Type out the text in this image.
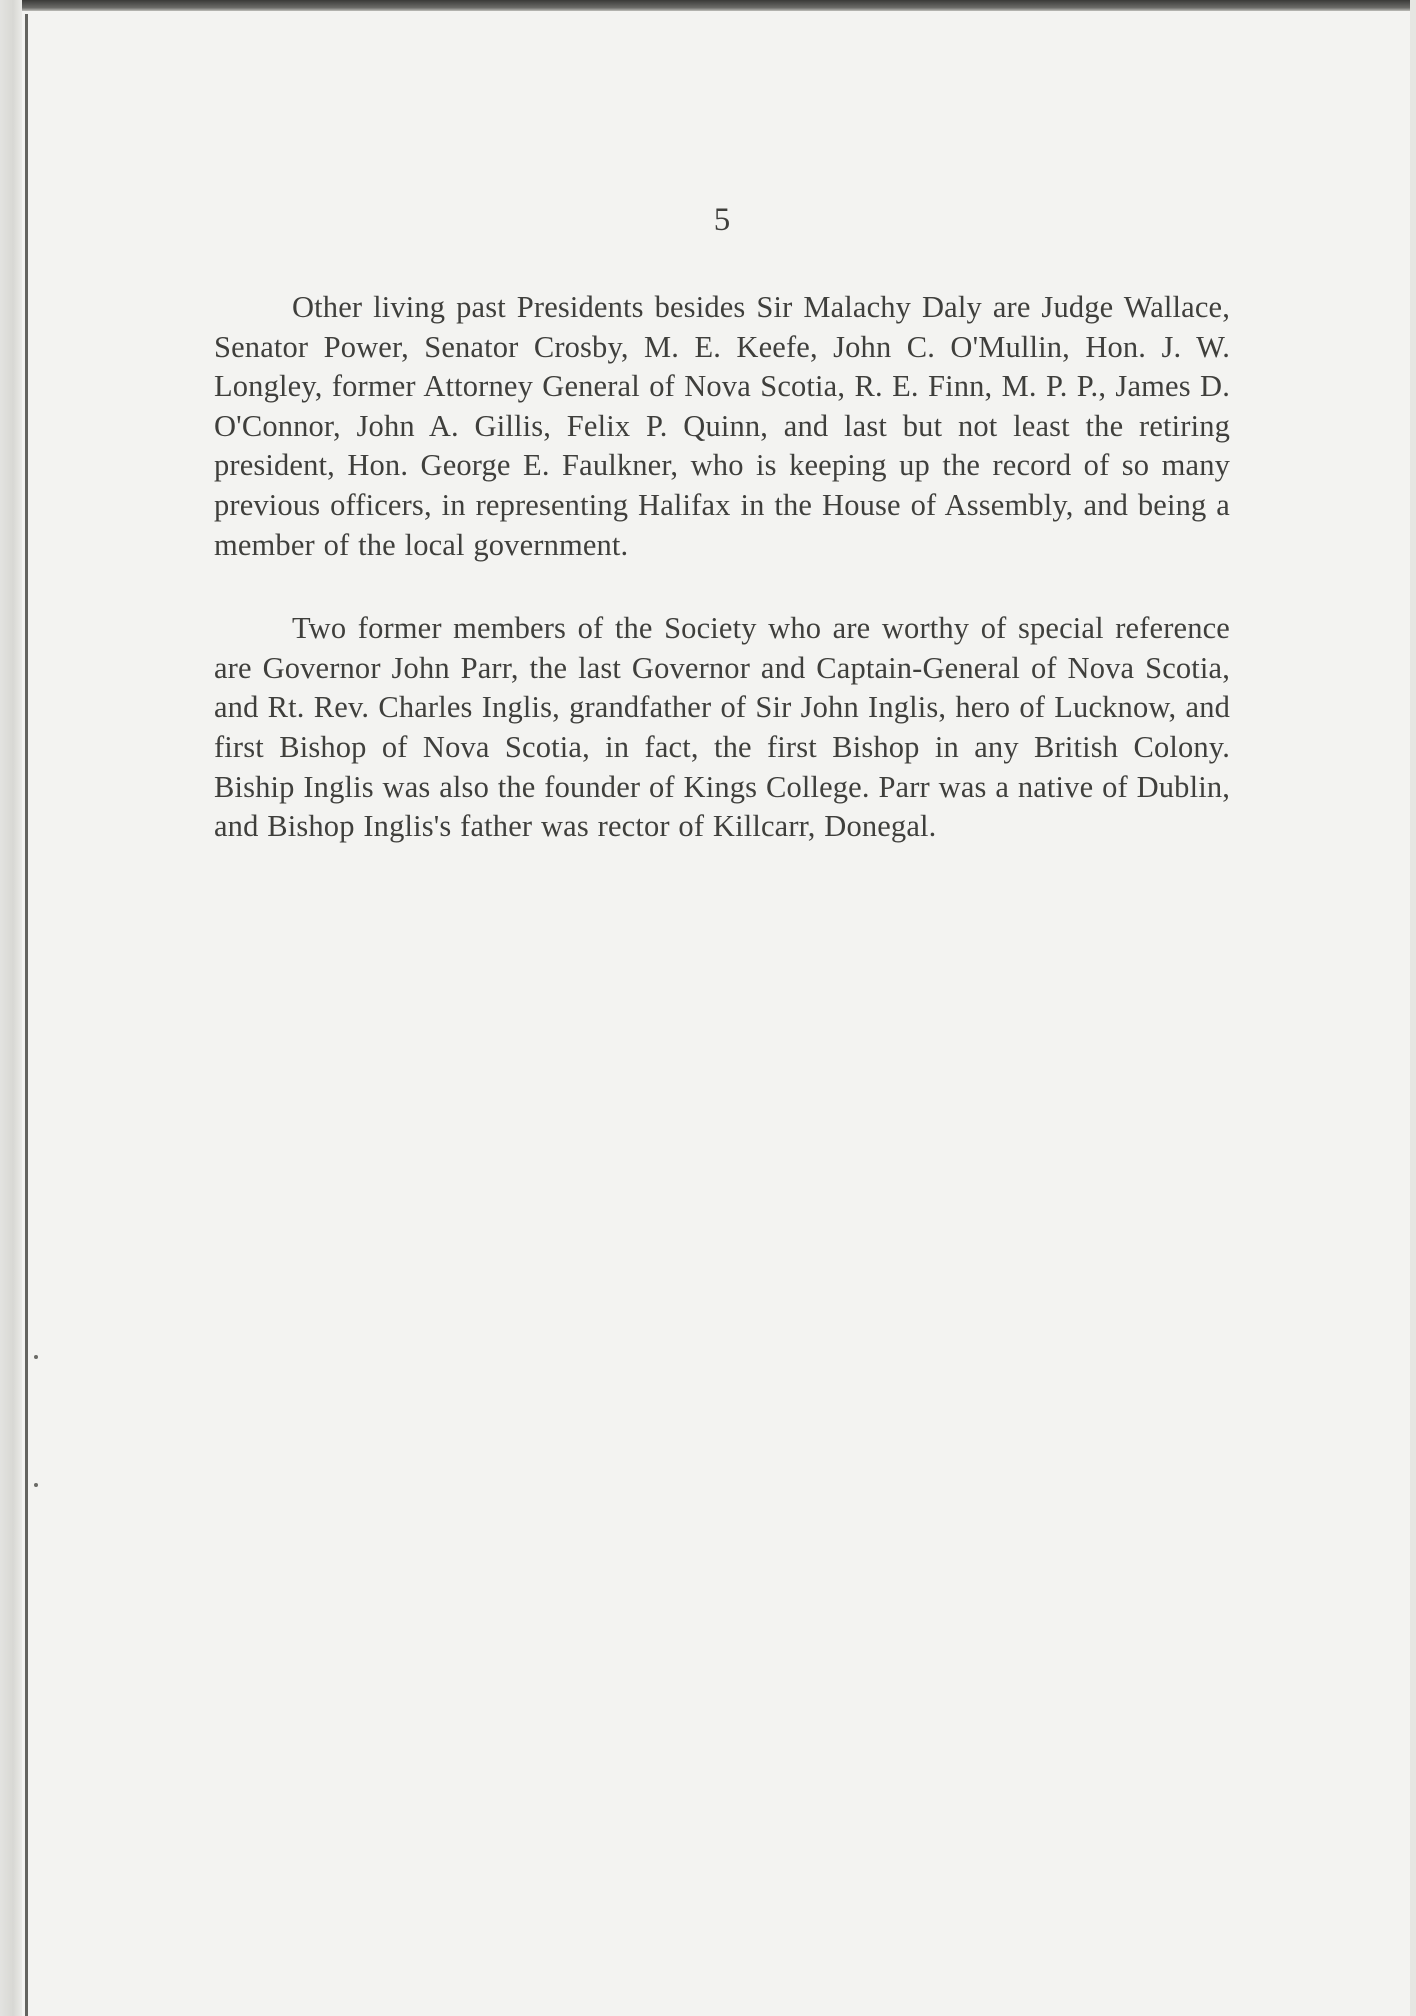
5

Other living past Presidents besides Sir Malachy Daly are Judge Wallace, Senator Power, Senator Crosby, M. E. Keefe, John C. O'Mullin, Hon. J. W. Longley, former Attorney General of Nova Scotia, R. E. Finn, M. P. P., James D. O'Connor, John A. Gillis, Felix P. Quinn, and last but not least the retiring president, Hon. George E. Faulkner, who is keeping up the record of so many previous officers, in representing Halifax in the House of Assembly, and being a member of the local government.

Two former members of the Society who are worthy of special reference are Governor John Parr, the last Governor and Captain-General of Nova Scotia, and Rt. Rev. Charles Inglis, grandfather of Sir John Inglis, hero of Lucknow, and first Bishop of Nova Scotia, in fact, the first Bishop in any British Colony. Biship Inglis was also the founder of Kings College. Parr was a native of Dublin, and Bishop Inglis's father was rector of Killcarr, Donegal.
